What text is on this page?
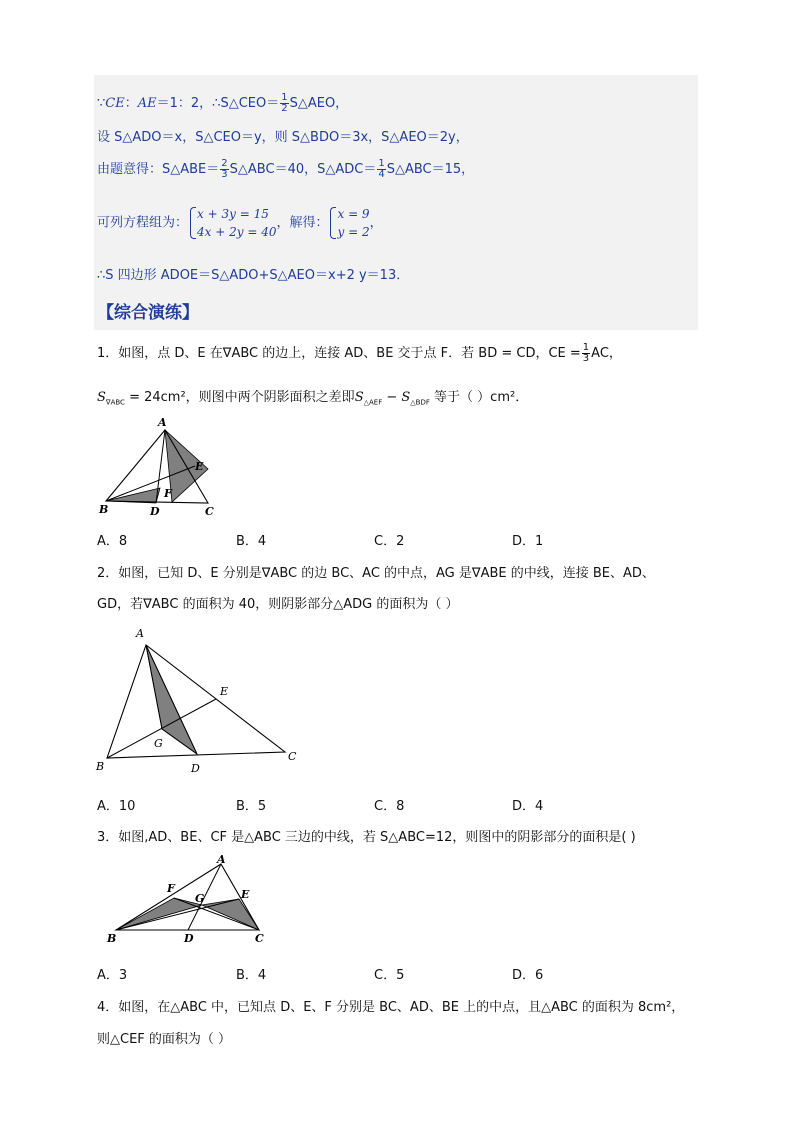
∵CE：AE＝1：2，∴S△CEO＝ $\frac{1}{2}$ S△AEO，
设 S△ADO＝x，S△CEO＝y，则 S△BDO＝3x，S△AEO＝2y，
由题意得：S△ABE＝ $\frac{2}{3}$ S△ABC＝40，S△ADC＝ $\frac{1}{4}$ S△ABC＝15，
可列方程组为：
x + 3y = 15
4x + 2y = 40
，解得：
x = 9
y = 2
，
∴S 四边形 ADOE＝S△ADO+S△AEO＝x+2 y＝13．
【综合演练】
1．如图，点 D、E 在∇ABC 的边上，连接 AD、BE 交于点 F．若 BD = CD，CE = $\frac{1}{3}$ AC，
$S_{\nabla ABC} = 24cm^2$，则图中两个阴影面积之差即$S_{\triangle AEF} - S_{\triangle BDF}$ 等于（ ）cm²．
A
B	C
D
E
F
A．8	B．4	C．2	D．1
2．如图，已知 D、E 分别是∇ABC 的边 BC、AC 的中点，AG 是∇ABE 的中线，连接 BE、AD、
GD，若∇ABC 的面积为 40，则阴影部分△ADG 的面积为（ ）
A
B
C
D
E
G
A．10	B．5	C．8	D．4
3．如图,AD、BE、CF 是△ABC 三边的中线，若 S△ABC=12，则图中的阴影部分的面积是( )
A
B	C
D
E
F
G
A．3	B．4	C．5	D．6
4．如图，在△ABC 中，已知点 D、E、F 分别是 BC、AD、BE 上的中点，且△ABC 的面积为 8cm²，
则△CEF 的面积为（ ）
